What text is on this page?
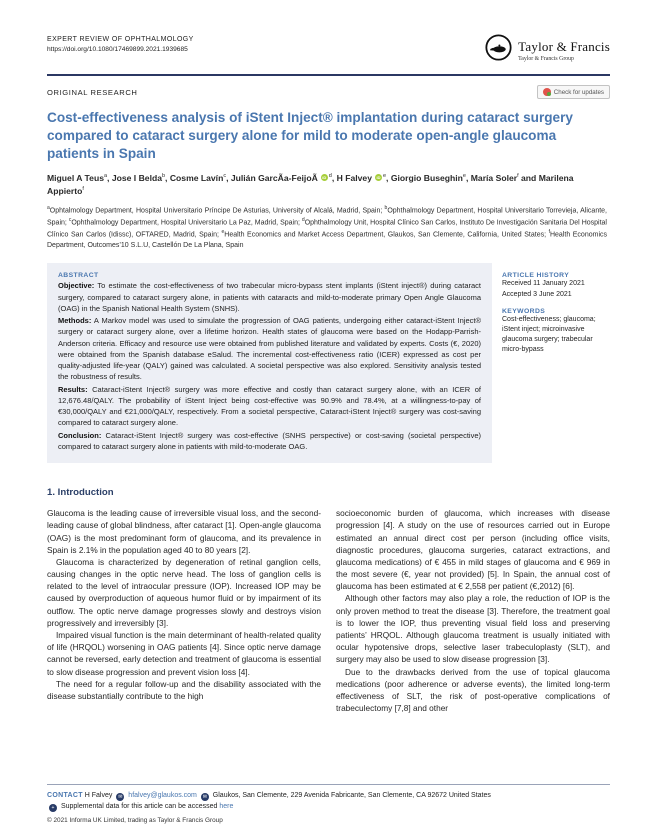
EXPERT REVIEW OF OPHTHALMOLOGY
https://doi.org/10.1080/17469899.2021.1939685	Taylor & Francis
Taylor & Francis Group
ORIGINAL RESEARCH	Check for updates
Cost-effectiveness analysis of iStent Inject® implantation during cataract surgery compared to cataract surgery alone for mild to moderate open-angle glaucoma patients in Spain
Miguel A Teus$^a$, Jose I Belda$^b$, Cosme Lavín$^c$, Julián GarcÃa-FeijoÃ iD $^d$, H Falvey iD $^e$, Giorgio Buseghin$^e$, María Soler$^f$ and Marilena Appierto$^f$
$^a$Ophtalmology Department, Hospital Universitario Príncipe De Asturias, University of Alcalá, Madrid, Spain; $^b$Ophthalmology Department, Hospital Universitario Torrevieja, Alicante, Spain; $^c$Ophthalmology Department, Hospital Universitario La Paz, Madrid, Spain; $^d$Ophthalmology Unit, Hospital Clínico San Carlos, Instituto De Investigación Sanitaria Del Hospital Clínico San Carlos (Idissc), OFTARED, Madrid, Spain; $^e$Health Economics and Market Access Department, Glaukos, San Clemente, California, United States; $^f$Health Economics Department, Outcomes’10 S.L.U, Castellón De La Plana, Spain
ABSTRACT
Objective: To estimate the cost-effectiveness of two trabecular micro-bypass stent implants (iStent inject®) during cataract surgery, compared to cataract surgery alone, in patients with cataracts and mild-to-moderate primary Open Angle Glaucoma (OAG) in the Spanish National Health System (SNHS).
Methods: A Markov model was used to simulate the progression of OAG patients, undergoing either cataract-iStent Inject® surgery or cataract surgery alone, over a lifetime horizon. Health states of glaucoma were based on the Hodapp-Parrish-Anderson criteria. Efficacy and resource use were obtained from published literature and validated by experts. Costs (€, 2020) were obtained from the Spanish database eSalud. The incremental cost-effectiveness ratio (ICER) expressed as cost per quality-adjusted life-year (QALY) gained was calculated. A societal perspective was also explored. Sensitivity analysis tested the robustness of results.
Results: Cataract-iStent Inject® surgery was more effective and costly than cataract surgery alone, with an ICER of 12,676.48/QALY. The probability of iStent Inject being cost-effective was 90.9% and 78.4%, at a willingness-to-pay of €30,000/QALY and €21,000/QALY, respectively. From a societal perspective, Cataract-iStent Inject® surgery was cost-saving compared to cataract surgery alone.
Conclusion: Cataract-iStent Inject® surgery was cost-effective (SNHS perspective) or cost-saving (societal perspective) compared to cataract surgery alone in patients with mild-to-moderate OAG.
ARTICLE HISTORY
Received 11 January 2021
Accepted 3 June 2021
KEYWORDS
Cost-effectiveness; glaucoma; iStent inject; microinvasive glaucoma surgery; trabecular micro-bypass
1. Introduction

Glaucoma is the leading cause of irreversible visual loss, and the second-leading cause of global blindness, after cataract [1]. Open-angle glaucoma (OAG) is the most predominant form of glaucoma, and its prevalence in Spain is 2.1% in the population aged 40 to 80 years [2].

Glaucoma is characterized by degeneration of retinal ganglion cells, causing changes in the optic nerve head. The loss of ganglion cells is related to the level of intraocular pressure (IOP). Increased IOP may be caused by overproduction of aqueous humor fluid or by impairment of its outflow. The optic nerve damage progresses slowly and destroys vision progressively and irreversibly [3].

Impaired visual function is the main determinant of health-related quality of life (HRQOL) worsening in OAG patients [4]. Since optic nerve damage cannot be reversed, early detection and treatment of glaucoma is essential to slow disease progression and prevent vision loss [4].

The need for a regular follow-up and the disability associated with the disease substantially contribute to the high

socioeconomic burden of glaucoma, which increases with disease progression [4]. A study on the use of resources carried out in Europe estimated an annual direct cost per person (including office visits, diagnostic procedures, glaucoma surgeries, cataract extractions, and glaucoma medications) of € 455 in mild stages of glaucoma and € 969 in the most severe (€, year not provided) [5]. In Spain, the annual cost of glaucoma has been estimated at € 2,558 per patient (€,2012) [6].

Although other factors may also play a role, the reduction of IOP is the only proven method to treat the disease [3]. Therefore, the treatment goal is to lower the IOP, thus preventing visual field loss and preserving patients’ HRQOL. Although glaucoma treatment is usually initiated with ocular hypotensive drops, selective laser trabeculoplasty (SLT), and surgery may also be used to slow disease progression [3].

Due to the drawbacks derived from the use of topical glaucoma medications (poor adherence or adverse events), the limited long-term effectiveness of SLT, the risk of post-operative complications of trabeculectomy [7,8] and other

CONTACT H Falvey ✉ hfalvey@glaukos.com ✉ Glaukos, San Clemente, 229 Avenida Fabricante, San Clemente, CA 92672 United States
+ Supplemental data for this article can be accessed here
© 2021 Informa UK Limited, trading as Taylor & Francis Group
